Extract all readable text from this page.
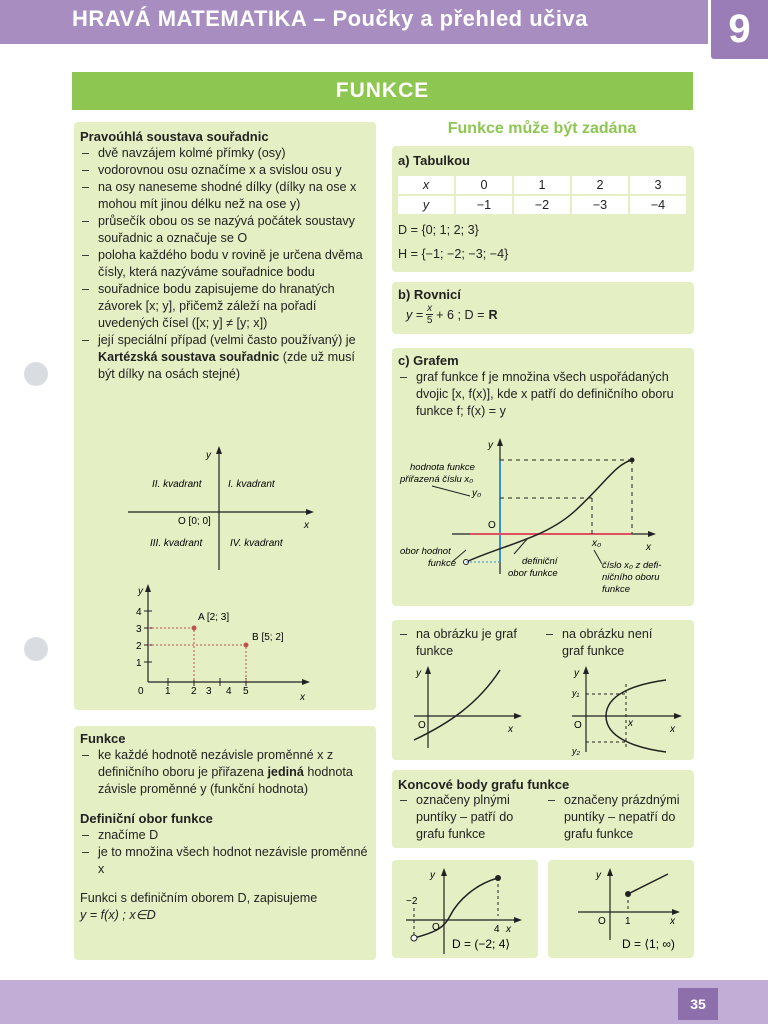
HRAVÁ MATEMATIKA – Poučky a přehled učiva	9
FUNKCE
Pravoúhlá soustava souřadnic
– dvě navzájem kolmé přímky (osy)
– vodorovnou osu označíme x a svislou osu y
– na osy naneseme shodné dílky (dílky na ose x mohou mít jinou délku než na ose y)
– průsečík obou os se nazývá počátek soustavy souřadnic a označuje se O
– poloha každého bodu v rovině je určena dvěma čísly, která nazýváme souřadnice bodu
– souřadnice bodu zapisujeme do hranatých závorek [x; y], přičemž záleží na pořadí uvedených čísel ([x; y] ≠ [y; x])
– její speciální případ (velmi často používaný) je Kartézská soustava souřadnic (zde už musí být dílky na osách stejné)
y
x
II. kvadrant	I. kvadrant
O [0; 0]
III. kvadrant	IV. kvadrant
A [2; 3]
B [5; 2]
0 1 2 3 4 5
x
1
2
3
4
y
Funkce
– ke každé hodnotě nezávisle proměnné x z definičního oboru je přiřazena jediná hodnota závisle proměnné y (funkční hodnota)
Definiční obor funkce
– značíme D
– je to množina všech hodnot nezávisle proměnné x

Funkci s definičním oborem D, zapisujeme

y = f(x) ; x∈D

Funkce může být zadána
a) Tabulkou
x	0	1	2	3
y	−1	−2	−3	−4

D = {0; 1; 2; 3}

H = {−1; −2; −3; −4}

b) Rovnicí
$y = \frac{x}{5} + 6$ ; D = R
c) Grafem
– graf funkce f je množina všech uspořádaných dvojic [x, f(x)], kde x patří do definičního oboru funkce f; f(x) = y
y
x
O
x₀
y₀
hodnota funkce
přiřazená číslu x₀
obor hodnot
funkce	definiční
obor funkce
číslo x₀ z defi-
ničního oboru
funkce
– na obrázku je graf
funkce
– na obrázku není
graf funkce
y
O	x
y
y₁
O	x
x
y₂
Koncové body grafu funkce
– označeny plnými puntíky – patří do grafu funkce
– označeny prázdnými puntíky – nepatří do grafu funkce
y
−2
O	4 x
D = (−2; 4⟩
y
O 1	x
D = ⟨1; ∞)
35
